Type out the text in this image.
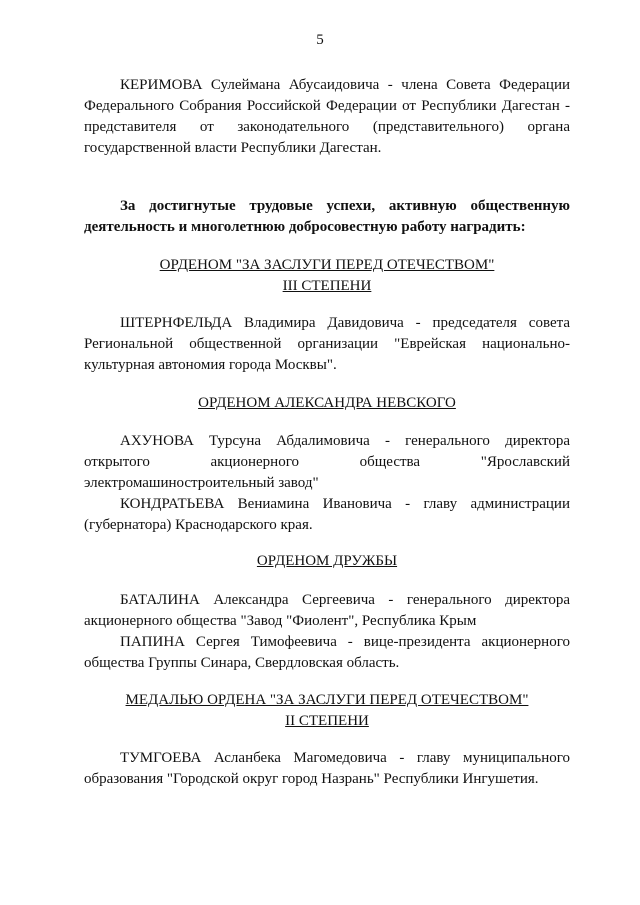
5

КЕРИМОВА Сулеймана Абусаидовича - члена Совета Федерации Федерального Собрания Российской Федерации от Республики Дагестан - представителя от законодательного (представительного) органа государственной власти Республики Дагестан.

За достигнутые трудовые успехи, активную общественную деятельность и многолетнюю добросовестную работу наградить:

ОРДЕНОМ "ЗА ЗАСЛУГИ ПЕРЕД ОТЕЧЕСТВОМ"
III СТЕПЕНИ

ШТЕРНФЕЛЬДА Владимира Давидовича - председателя совета Региональной общественной организации "Еврейская национально-культурная автономия города Москвы".

ОРДЕНОМ АЛЕКСАНДРА НЕВСКОГО

АХУНОВА Турсуна Абдалимовича - генерального директора открытого акционерного общества "Ярославский электромашиностроительный завод"

КОНДРАТЬЕВА Вениамина Ивановича - главу администрации (губернатора) Краснодарского края.

ОРДЕНОМ ДРУЖБЫ

БАТАЛИНА Александра Сергеевича - генерального директора акционерного общества "Завод "Фиолент", Республика Крым

ПАПИНА Сергея Тимофеевича - вице-президента акционерного общества Группы Синара, Свердловская область.

МЕДАЛЬЮ ОРДЕНА "ЗА ЗАСЛУГИ ПЕРЕД ОТЕЧЕСТВОМ"
II СТЕПЕНИ

ТУМГОЕВА Асланбека Магомедовича - главу муниципального образования "Городской округ город Назрань" Республики Ингушетия.
